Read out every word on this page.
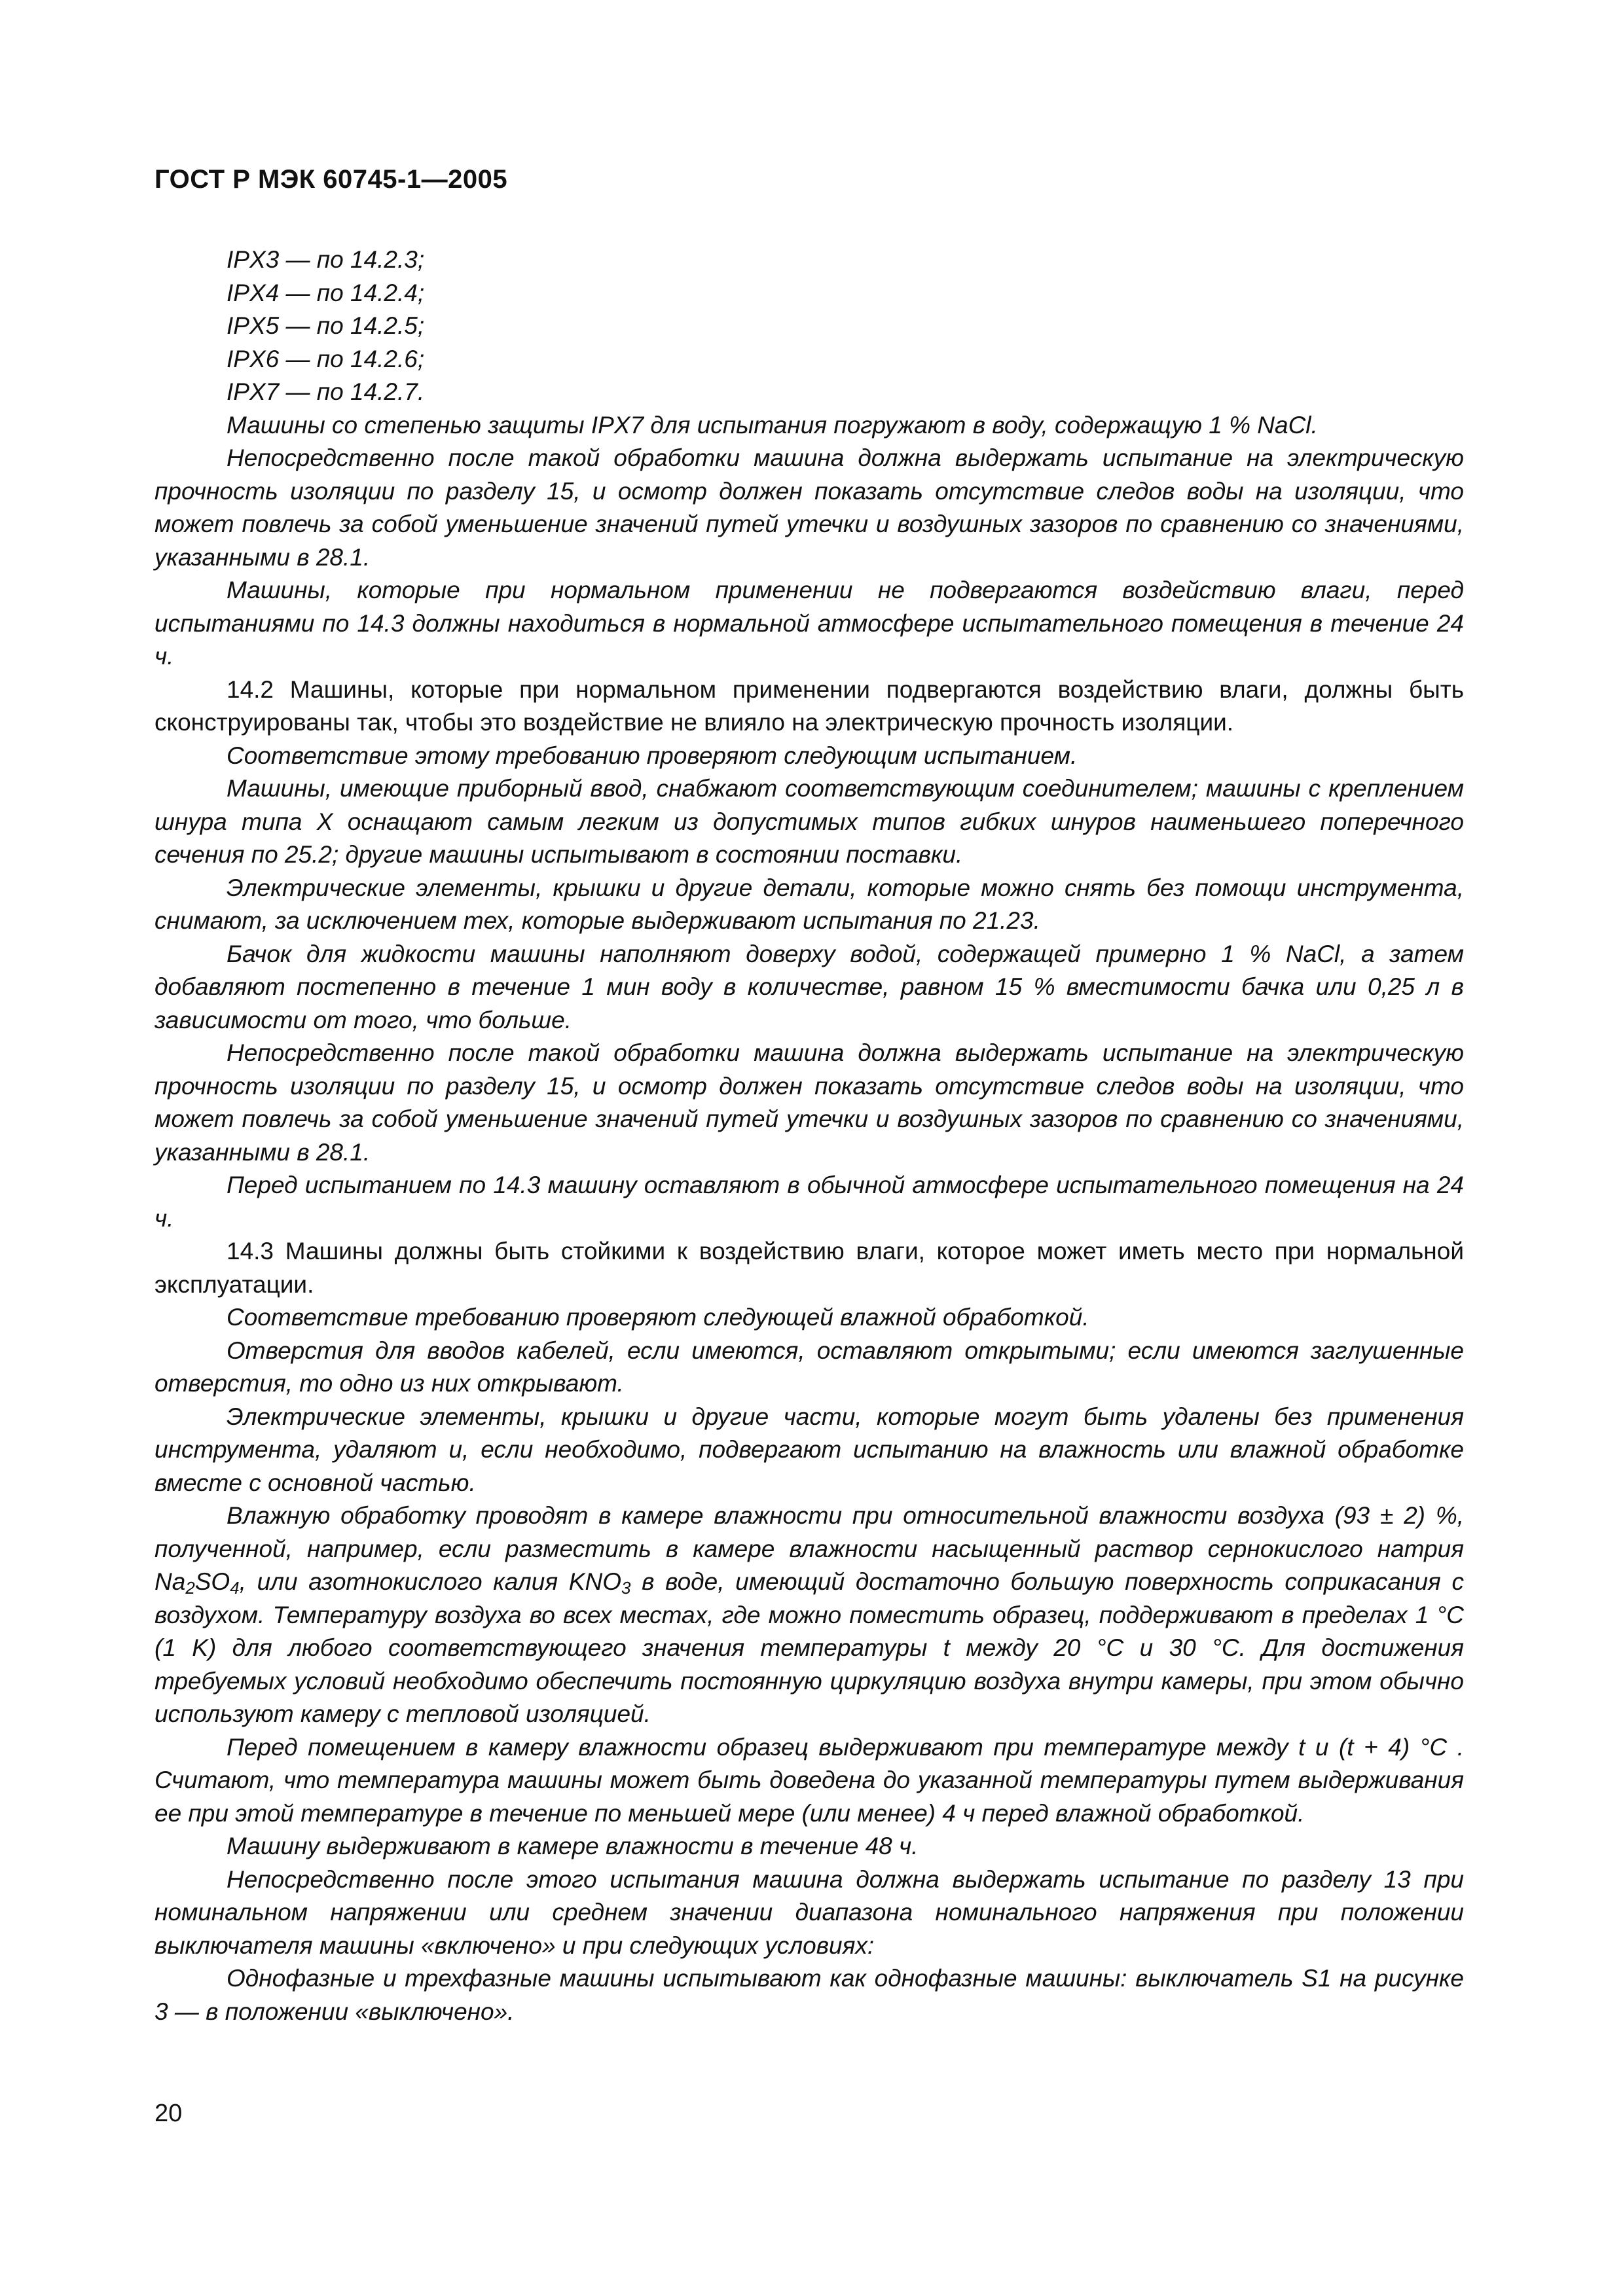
ГОСТ Р МЭК 60745-1—2005

IPX3 — по 14.2.3;

IPX4 — по 14.2.4;

IPX5 — по 14.2.5;

IPX6 — по 14.2.6;

IPX7 — по 14.2.7.

Машины со степенью защиты IPX7 для испытания погружают в воду, содержащую 1 % NaCl.

Непосредственно после такой обработки машина должна выдержать испытание на электрическую прочность изоляции по разделу 15, и осмотр должен показать отсутствие следов воды на изоляции, что может повлечь за собой уменьшение значений путей утечки и воздушных зазоров по сравнению со значениями, указанными в 28.1.

Машины, которые при нормальном применении не подвергаются воздействию влаги, перед испытаниями по 14.3 должны находиться в нормальной атмосфере испытательного помещения в течение 24 ч.

14.2 Машины, которые при нормальном применении подвергаются воздействию влаги, должны быть сконструированы так, чтобы это воздействие не влияло на электрическую прочность изоляции.

Соответствие этому требованию проверяют следующим испытанием.

Машины, имеющие приборный ввод, снабжают соответствующим соединителем; машины с креплением шнура типа X оснащают самым легким из допустимых типов гибких шнуров наименьшего поперечного сечения по 25.2; другие машины испытывают в состоянии поставки.

Электрические элементы, крышки и другие детали, которые можно снять без помощи инструмента, снимают, за исключением тех, которые выдерживают испытания по 21.23.

Бачок для жидкости машины наполняют доверху водой, содержащей примерно 1 % NaCl, а затем добавляют постепенно в течение 1 мин воду в количестве, равном 15 % вместимости бачка или 0,25 л в зависимости от того, что больше.

Непосредственно после такой обработки машина должна выдержать испытание на электрическую прочность изоляции по разделу 15, и осмотр должен показать отсутствие следов воды на изоляции, что может повлечь за собой уменьшение значений путей утечки и воздушных зазоров по сравнению со значениями, указанными в 28.1.

Перед испытанием по 14.3 машину оставляют в обычной атмосфере испытательного помещения на 24 ч.

14.3 Машины должны быть стойкими к воздействию влаги, которое может иметь место при нормальной эксплуатации.

Соответствие требованию проверяют следующей влажной обработкой.

Отверстия для вводов кабелей, если имеются, оставляют открытыми; если имеются заглушенные отверстия, то одно из них открывают.

Электрические элементы, крышки и другие части, которые могут быть удалены без применения инструмента, удаляют и, если необходимо, подвергают испытанию на влажность или влажной обработке вместе с основной частью.

Влажную обработку проводят в камере влажности при относительной влажности воздуха (93 ± 2) %, полученной, например, если разместить в камере влажности насыщенный раствор сернокислого натрия $Na_2SO_4$, или азотнокислого калия $KNO_3$ в воде, имеющий достаточно большую поверхность соприкасания с воздухом. Температуру воздуха во всех местах, где можно поместить образец, поддерживают в пределах 1 °C (1 K) для любого соответствующего значения температуры t между 20 °C и 30 °C. Для достижения требуемых условий необходимо обеспечить постоянную циркуляцию воздуха внутри камеры, при этом обычно используют камеру с тепловой изоляцией.

Перед помещением в камеру влажности образец выдерживают при температуре между t и (t + 4) °C . Считают, что температура машины может быть доведена до указанной температуры путем выдерживания ее при этой температуре в течение по меньшей мере (или менее) 4 ч перед влажной обработкой.

Машину выдерживают в камере влажности в течение 48 ч.

Непосредственно после этого испытания машина должна выдержать испытание по разделу 13 при номинальном напряжении или среднем значении диапазона номинального напряжения при положении выключателя машины «включено» и при следующих условиях:

Однофазные и трехфазные машины испытывают как однофазные машины: выключатель S1 на рисунке 3 — в положении «выключено».

20
